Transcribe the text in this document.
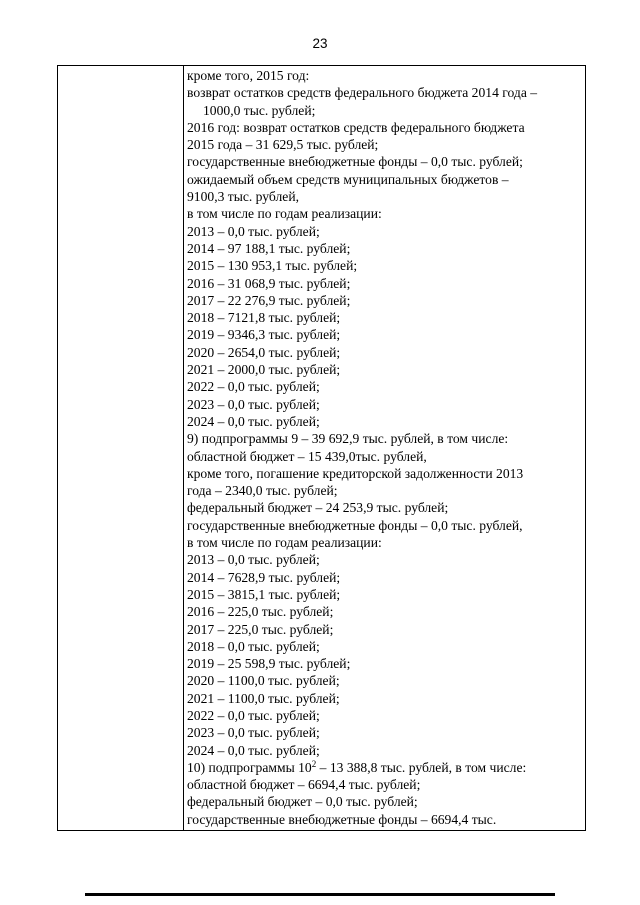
23
кроме того, 2015 год:
возврат остатков средств федерального бюджета 2014 года –
1000,0 тыс. рублей;
2016 год: возврат остатков средств федерального бюджета
2015 года – 31 629,5 тыс. рублей;
государственные внебюджетные фонды – 0,0 тыс. рублей;
ожидаемый объем средств муниципальных бюджетов –
9100,3 тыс. рублей,
в том числе по годам реализации:
2013 – 0,0 тыс. рублей;
2014 – 97 188,1 тыс. рублей;
2015 – 130 953,1 тыс. рублей;
2016 – 31 068,9 тыс. рублей;
2017 – 22 276,9 тыс. рублей;
2018 – 7121,8 тыс. рублей;
2019 – 9346,3 тыс. рублей;
2020 – 2654,0 тыс. рублей;
2021 – 2000,0 тыс. рублей;
2022 – 0,0 тыс. рублей;
2023 – 0,0 тыс. рублей;
2024 – 0,0 тыс. рублей;
9) подпрограммы 9 – 39 692,9 тыс. рублей, в том числе:
областной бюджет – 15 439,0тыс. рублей,
кроме того, погашение кредиторской задолженности 2013
года – 2340,0 тыс. рублей;
федеральный бюджет – 24 253,9 тыс. рублей;
государственные внебюджетные фонды – 0,0 тыс. рублей,
в том числе по годам реализации:
2013 – 0,0 тыс. рублей;
2014 – 7628,9 тыс. рублей;
2015 – 3815,1 тыс. рублей;
2016 – 225,0 тыс. рублей;
2017 – 225,0 тыс. рублей;
2018 – 0,0 тыс. рублей;
2019 – 25 598,9 тыс. рублей;
2020 – 1100,0 тыс. рублей;
2021 – 1100,0 тыс. рублей;
2022 – 0,0 тыс. рублей;
2023 – 0,0 тыс. рублей;
2024 – 0,0 тыс. рублей;
10) подпрограммы $10^2 - 13$ 388,8 тыс. рублей, в том числе:
областной бюджет – 6694,4 тыс. рублей;
федеральный бюджет – 0,0 тыс. рублей;
государственные внебюджетные фонды – 6694,4 тыс.
